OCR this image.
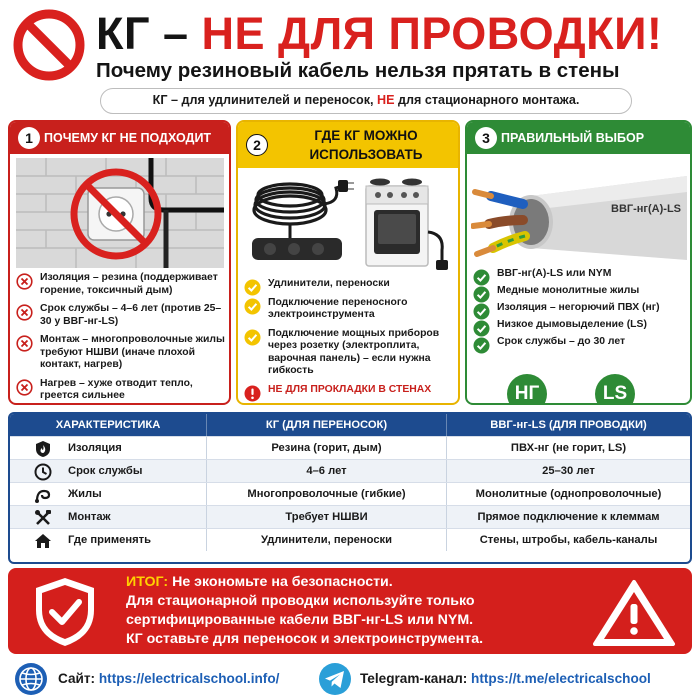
КГ – НЕ ДЛЯ ПРОВОДКИ!
Почему резиновый кабель нельзя прятать в стены
КГ – для удлинителей и переносок, НЕ для стационарного монтажа.
1 ПОЧЕМУ КГ НЕ ПОДХОДИТ
Изоляция – резина (поддерживает горение, токсичный дым)
Срок службы – 4–6 лет (против 25–30 у ВВГ-нг-LS)
Монтаж – многопроволочные жилы требуют НШВИ (иначе плохой контакт, нагрев)
Нагрев – хуже отводит тепло, греется сильнее
2
ГДЕ КГ МОЖНО ИСПОЛЬЗОВАТЬ
Удлинители, переноски
Подключение переносного электроинструмента
Подключение мощных приборов через розетку (электроплита, варочная панель) – если нужна гибкость
НЕ ДЛЯ ПРОКЛАДКИ В СТЕНАХ
3 ПРАВИЛЬНЫЙ ВЫБОР
ВВГ-нг(А)-LS
ВВГ-нг(А)-LS или NYM
Медные монолитные жилы
Изоляция – негорючий ПВХ (нг)
Низкое дымовыделение (LS)
Срок службы – до 30 лет
НГ	LS
ХАРАКТЕРИСТИКА	КГ (ДЛЯ ПЕРЕНОСОК)	ВВГ-нг-LS (ДЛЯ ПРОВОДКИ)
Изоляция	Резина (горит, дым)	ПВХ-нг (не горит, LS)
Срок службы	4–6 лет	25–30 лет
Жилы	Многопроволочные (гибкие)	Монолитные (однопроволочные)
Монтаж	Требует НШВИ	Прямое подключение к клеммам
Где применять	Удлинители, переноски	Стены, штробы, кабель-каналы
ИТОГ: Не экономьте на безопасности.
Для стационарной проводки используйте только
сертифицированные кабели ВВГ-нг-LS или NYM.
КГ оставьте для переносок и электроинструмента.
Сайт: https://electricalschool.info/	Telegram-канал: https://t.me/electricalschool
